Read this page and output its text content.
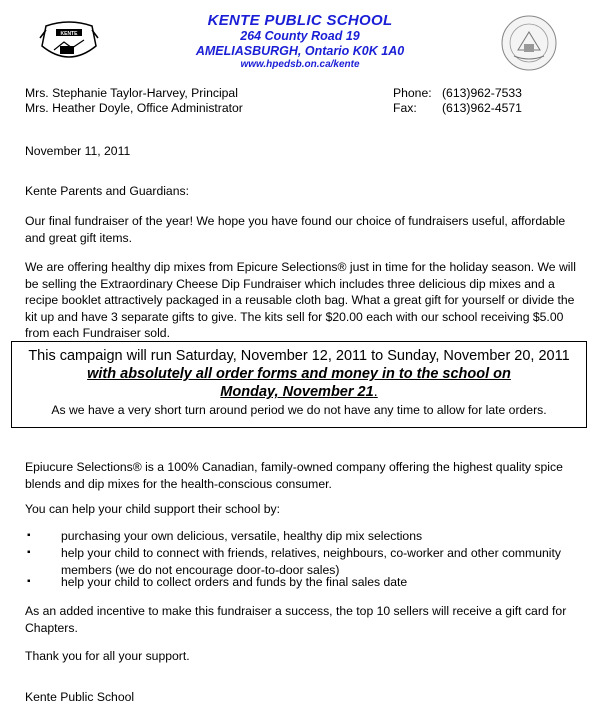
KENTE
KENTE PUBLIC SCHOOL
264 County Road 19
AMELIASBURGH, Ontario K0K 1A0
www.hpedsb.on.ca/kente
Mrs. Stephanie Taylor-Harvey, Principal
Mrs. Heather Doyle, Office Administrator
Phone: (613)962-7533
Fax: (613)962-4571
November 11, 2011
Kente Parents and Guardians:
Our final fundraiser of the year! We hope you have found our choice of fundraisers useful, affordable and great gift items.
We are offering healthy dip mixes from Epicure Selections® just in time for the holiday season. We will be selling the Extraordinary Cheese Dip Fundraiser which includes three delicious dip mixes and a recipe booklet attractively packaged in a reusable cloth bag. What a great gift for yourself or divide the kit up and have 3 separate gifts to give. The kits sell for $20.00 each with our school receiving $5.00 from each Fundraiser sold.
This campaign will run Saturday, November 12, 2011 to Sunday, November 20, 2011
with absolutely all order forms and money in to the school on
Monday, November 21.
As we have a very short turn around period we do not have any time to allow for late orders.
Epiucure Selections® is a 100% Canadian, family-owned company offering the highest quality spice blends and dip mixes for the health-conscious consumer.
You can help your child support their school by:
▪ purchasing your own delicious, versatile, healthy dip mix selections
▪ help your child to connect with friends, relatives, neighbours, co-worker and other community members (we do not encourage door-to-door sales)
▪ help your child to collect orders and funds by the final sales date
As an added incentive to make this fundraiser a success, the top 10 sellers will receive a gift card for Chapters.
Thank you for all your support.
Kente Public School
